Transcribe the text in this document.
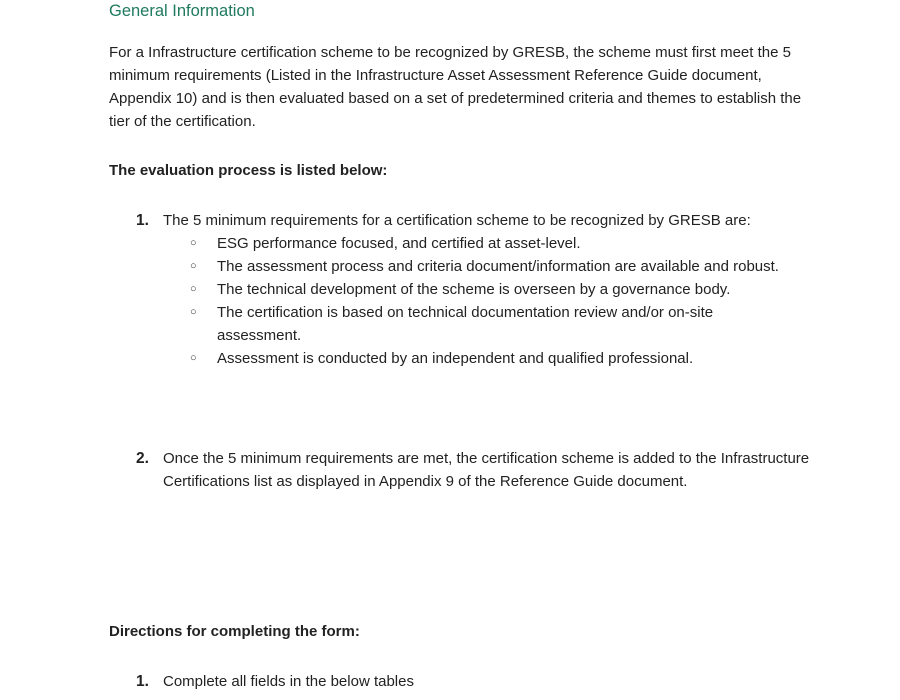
General Information

For a Infrastructure certification scheme to be recognized by GRESB, the scheme must first meet the 5 minimum requirements (Listed in the Infrastructure Asset Assessment Reference Guide document, Appendix 10) and is then evaluated based on a set of predetermined criteria and themes to establish the tier of the certification.

The evaluation process is listed below:

1. The 5 minimum requirements for a certification scheme to be recognized by GRESB are:
○ ESG performance focused, and certified at asset-level.
○ The assessment process and criteria document/information are available and robust.
○ The technical development of the scheme is overseen by a governance body.
○ The certification is based on technical documentation review and/or on-site assessment.
○ Assessment is conducted by an independent and qualified professional.
2. Once the 5 minimum requirements are met, the certification scheme is added to the Infrastructure Certifications list as displayed in Appendix 9 of the Reference Guide document.

Directions for completing the form:

1. Complete all fields in the below tables
